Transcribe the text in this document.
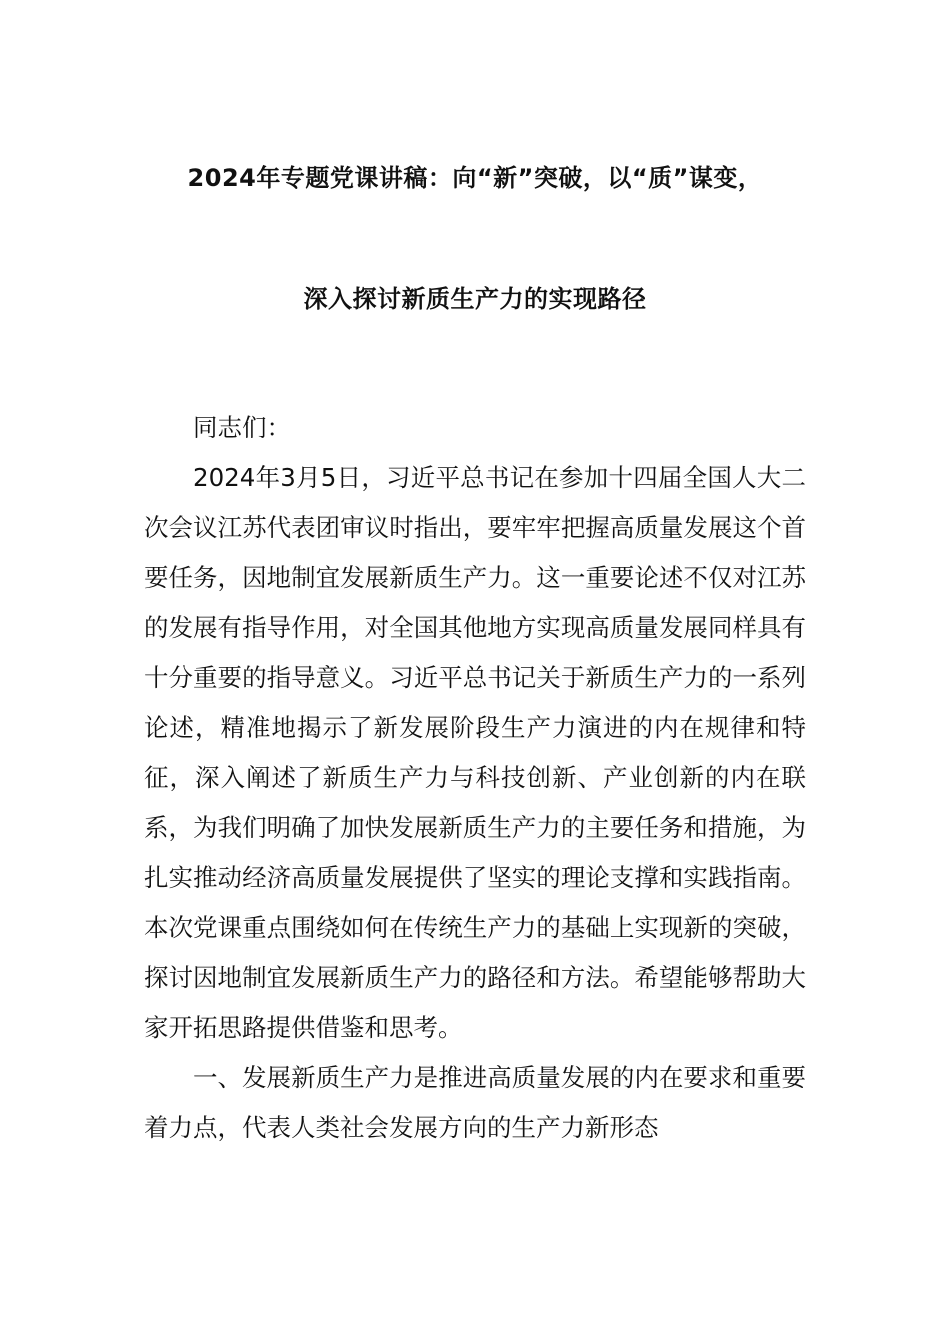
2024年专题党课讲稿：向“新”突破，以“质”谋变，
深入探讨新质生产力的实现路径

同志们：

2024年3月5日，习近平总书记在参加十四届全国人大二次会议江苏代表团审议时指出，要牢牢把握高质量发展这个首要任务，因地制宜发展新质生产力。这一重要论述不仅对江苏的发展有指导作用，对全国其他地方实现高质量发展同样具有十分重要的指导意义。习近平总书记关于新质生产力的一系列论述，精准地揭示了新发展阶段生产力演进的内在规律和特征，深入阐述了新质生产力与科技创新、产业创新的内在联系，为我们明确了加快发展新质生产力的主要任务和措施，为扎实推动经济高质量发展提供了坚实的理论支撑和实践指南。本次党课重点围绕如何在传统生产力的基础上实现新的突破，探讨因地制宜发展新质生产力的路径和方法。希望能够帮助大家开拓思路提供借鉴和思考。

一、发展新质生产力是推进高质量发展的内在要求和重要着力点，代表人类社会发展方向的生产力新形态
